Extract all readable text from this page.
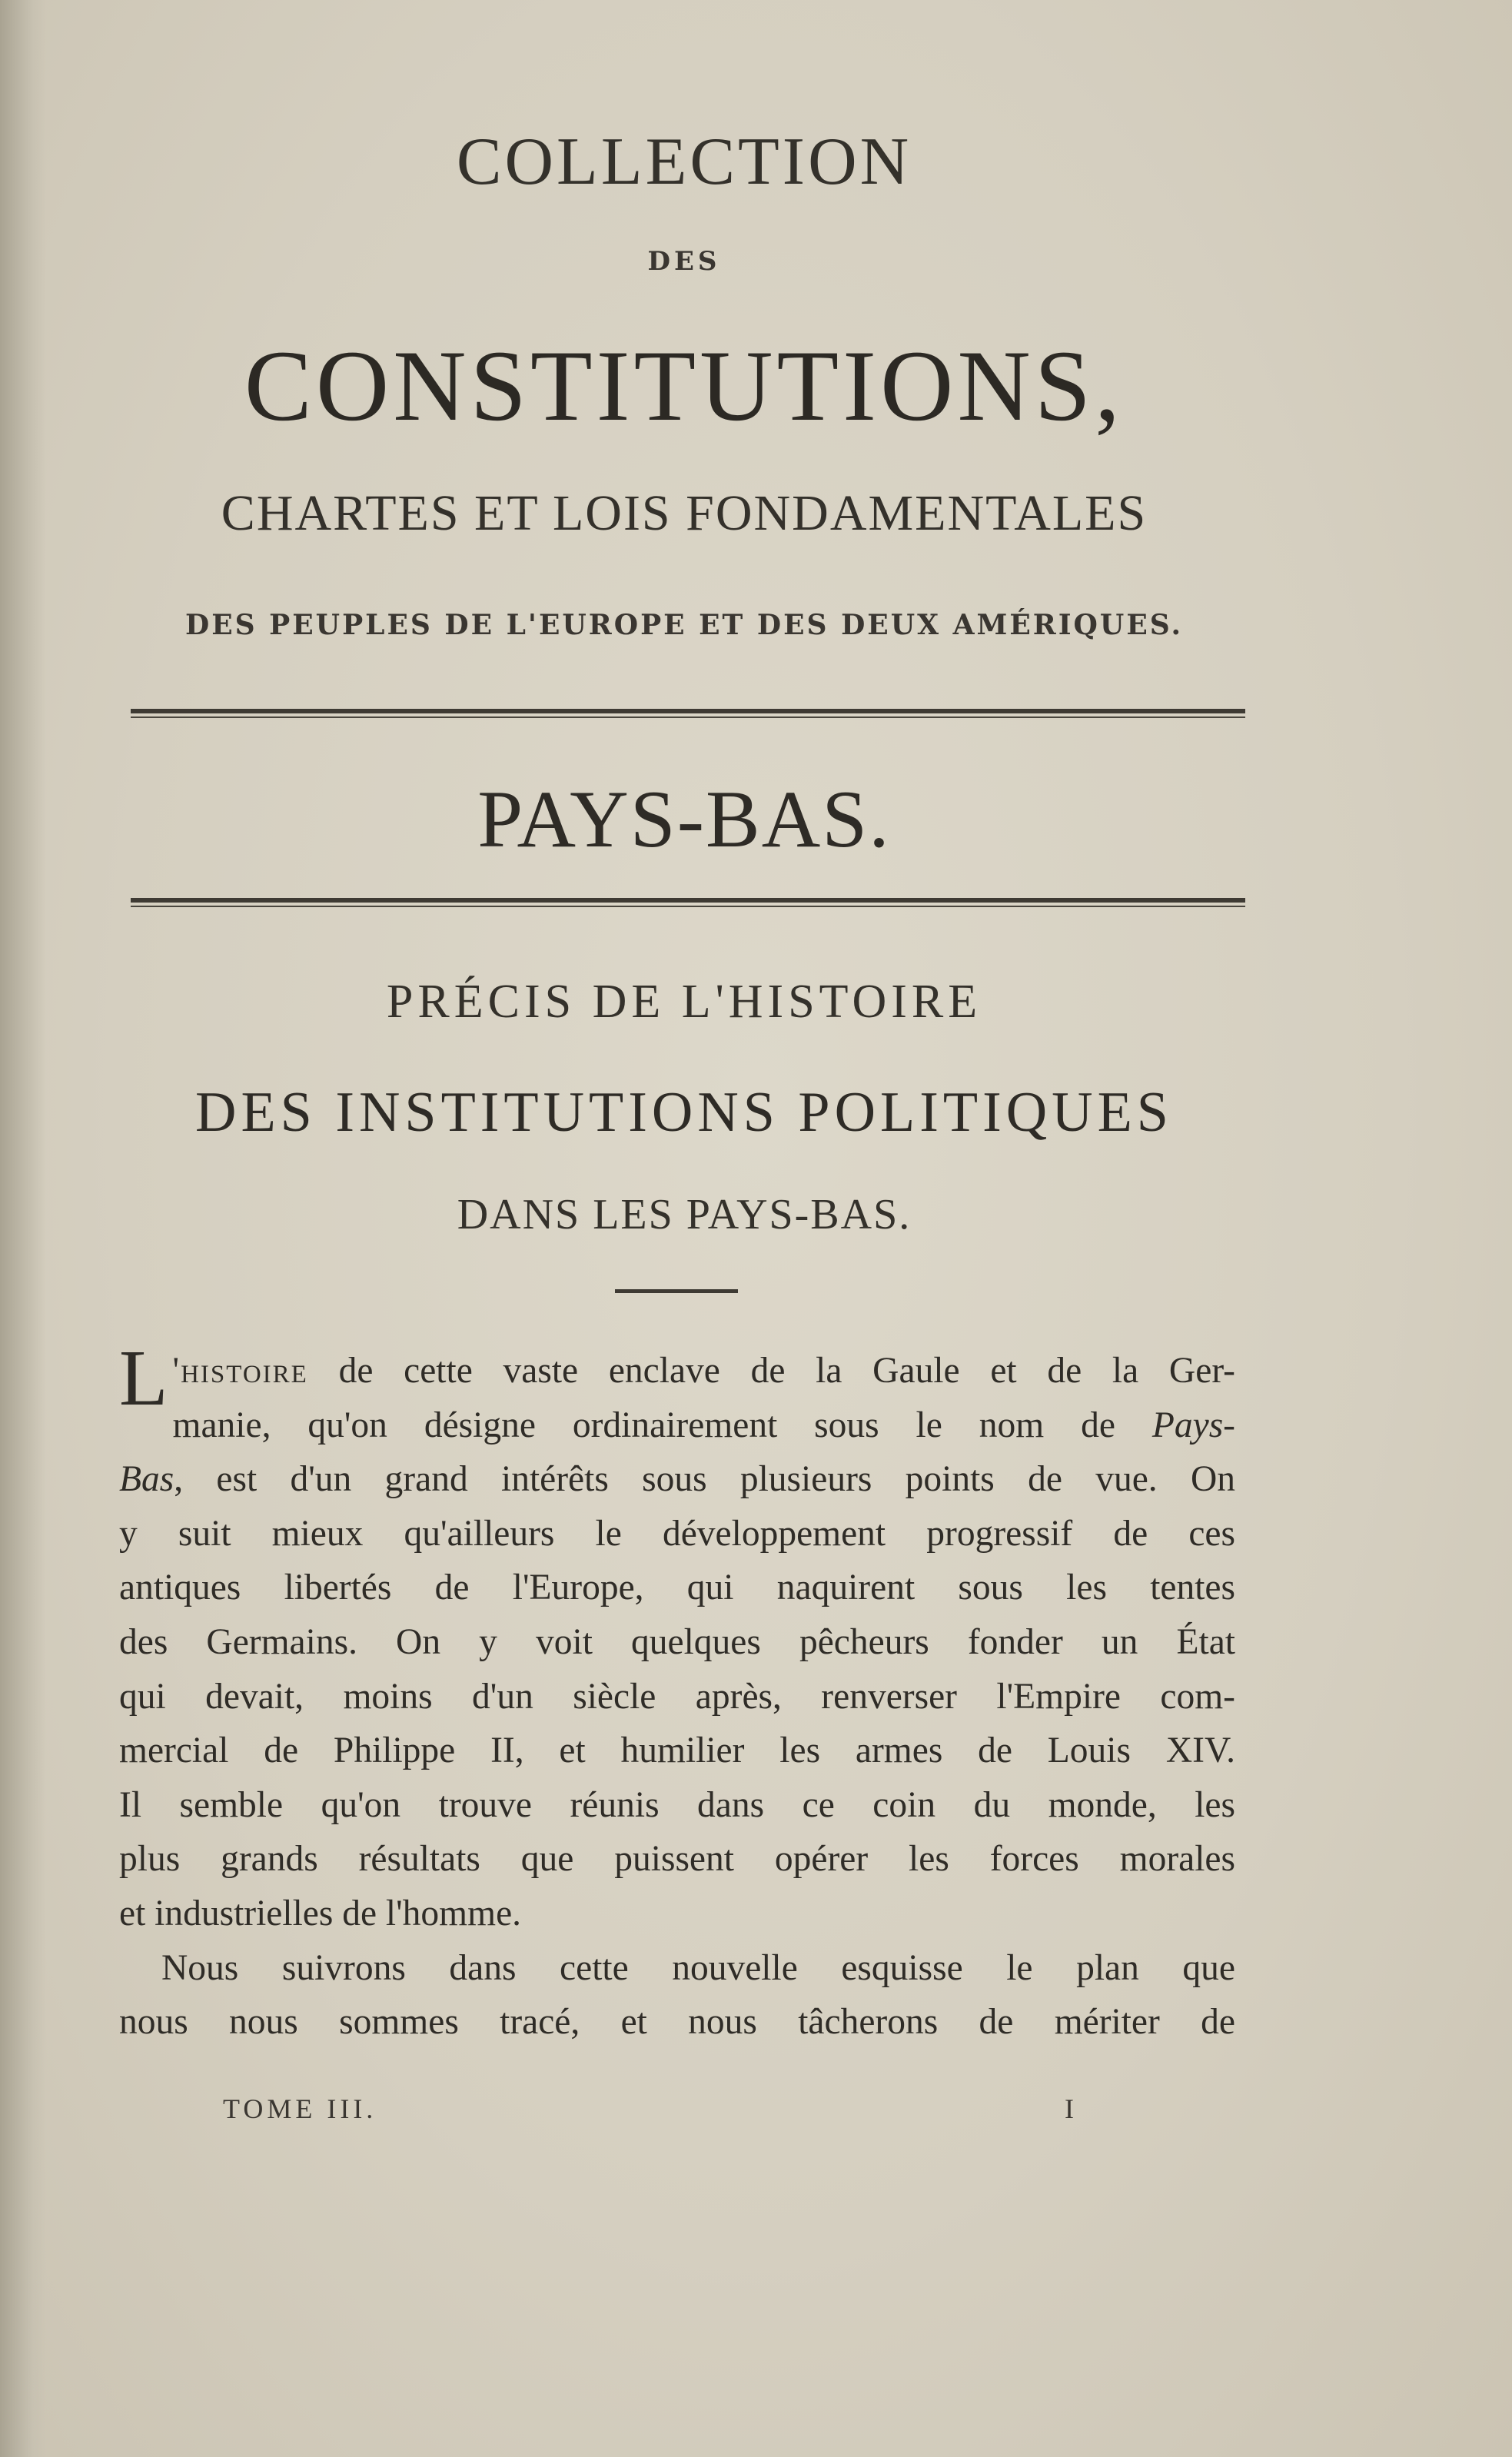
COLLECTION
DES
CONSTITUTIONS,
CHARTES ET LOIS FONDAMENTALES
DES PEUPLES DE L'EUROPE ET DES DEUX AMÉRIQUES.
PAYS-BAS.
PRÉCIS DE L'HISTOIRE
DES INSTITUTIONS POLITIQUES
DANS LES PAYS-BAS.
L 'histoire de cette vaste enclave de la Gaule et de la Ger-
manie, qu'on désigne ordinairement sous le nom de Pays-
Bas, est d'un grand intérêts sous plusieurs points de vue. On
y suit mieux qu'ailleurs le développement progressif de ces
antiques libertés de l'Europe, qui naquirent sous les tentes
des Germains. On y voit quelques pêcheurs fonder un État
qui devait, moins d'un siècle après, renverser l'Empire com-
mercial de Philippe II, et humilier les armes de Louis XIV.
Il semble qu'on trouve réunis dans ce coin du monde, les
plus grands résultats que puissent opérer les forces morales
et industrielles de l'homme.
Nous suivrons dans cette nouvelle esquisse le plan que
nous nous sommes tracé, et nous tâcherons de mériter de
TOME III.	I
